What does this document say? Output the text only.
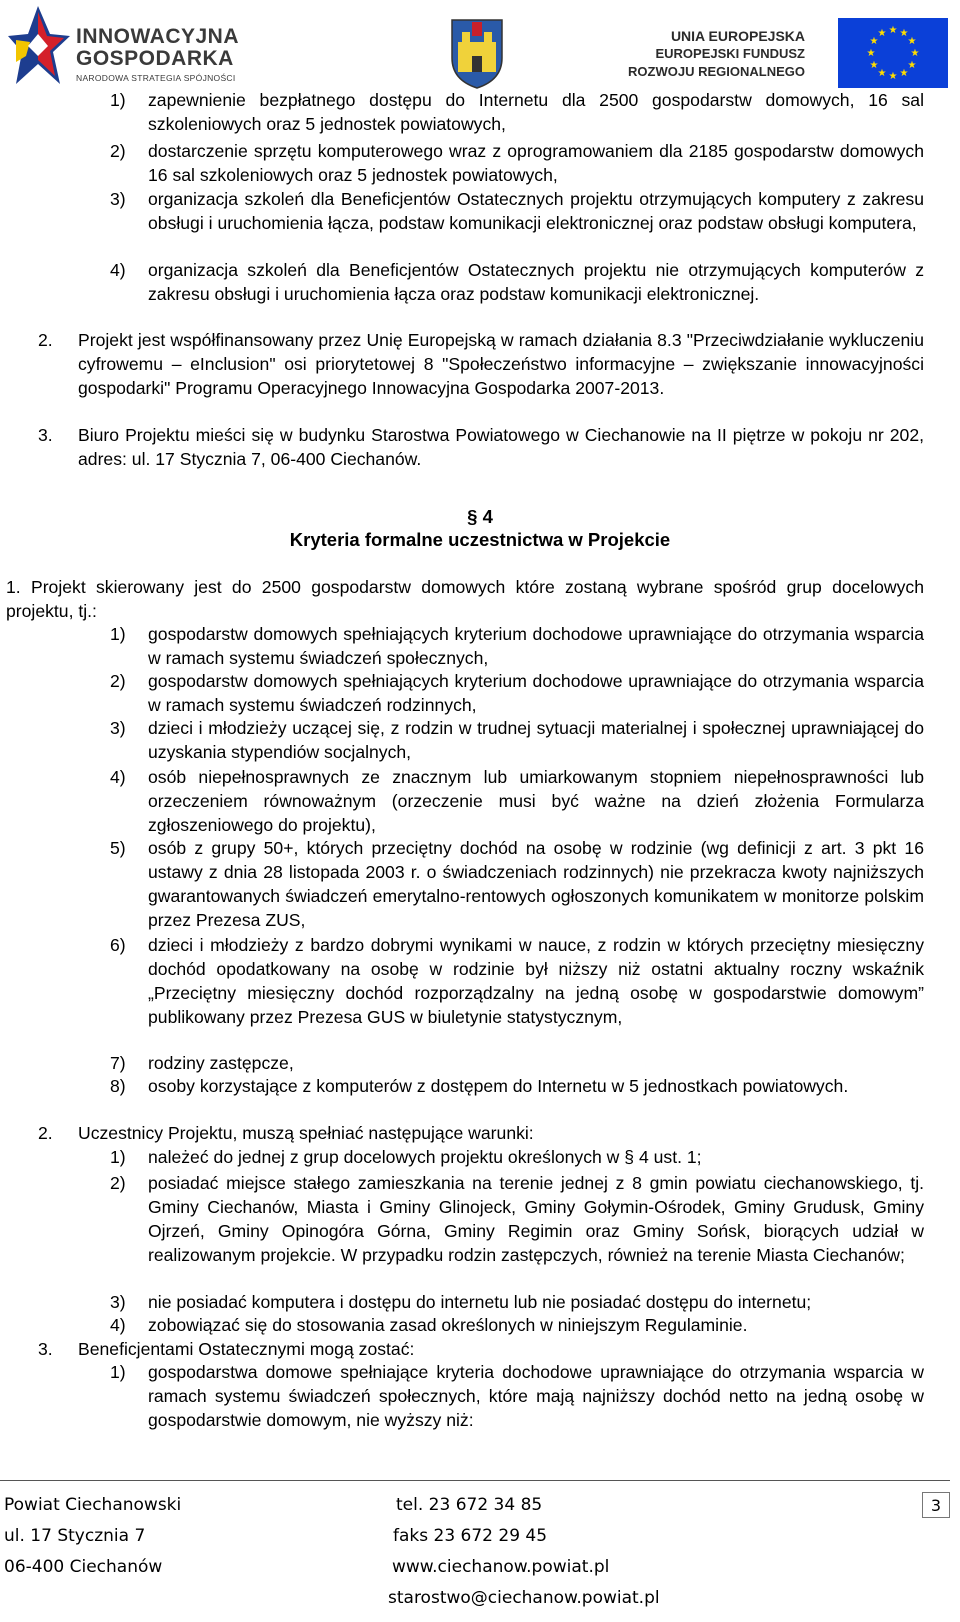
INNOWACYJNA
GOSPODARKA
NARODOWA STRATEGIA SPÓJNOŚCI
UNIA EUROPEJSKA
EUROPEJSKI FUNDUSZ
ROZWOJU REGIONALNEGO
★ ★
★
★
★
★
★
★
★
★
★
★
1) zapewnienie bezpłatnego dostępu do Internetu dla 2500 gospodarstw domowych, 16 sal szkoleniowych oraz 5 jednostek powiatowych,
2) dostarczenie sprzętu komputerowego wraz z oprogramowaniem dla 2185 gospodarstw domowych 16 sal szkoleniowych oraz 5 jednostek powiatowych,
3) organizacja szkoleń dla Beneficjentów Ostatecznych projektu otrzymujących komputery z zakresu obsługi i uruchomienia łącza, podstaw komunikacji elektronicznej oraz podstaw obsługi komputera,
4) organizacja szkoleń dla Beneficjentów Ostatecznych projektu nie otrzymujących komputerów z zakresu obsługi i uruchomienia łącza oraz podstaw komunikacji elektronicznej.
2. Projekt jest współfinansowany przez Unię Europejską w ramach działania 8.3 "Przeciwdziałanie wykluczeniu cyfrowemu – eInclusion" osi priorytetowej 8 "Społeczeństwo informacyjne – zwiększanie innowacyjności gospodarki" Programu Operacyjnego Innowacyjna Gospodarka 2007-2013.
3. Biuro Projektu mieści się w budynku Starostwa Powiatowego w Ciechanowie na II piętrze w pokoju nr 202, adres: ul. 17 Stycznia 7, 06-400 Ciechanów.
§ 4
Kryteria formalne uczestnictwa w Projekcie
1. Projekt skierowany jest do 2500 gospodarstw domowych które zostaną wybrane spośród grup docelowych projektu, tj.:
1) gospodarstw domowych spełniających kryterium dochodowe uprawniające do otrzymania wsparcia w ramach systemu świadczeń społecznych,
2) gospodarstw domowych spełniających kryterium dochodowe uprawniające do otrzymania wsparcia w ramach systemu świadczeń rodzinnych,
3) dzieci i młodzieży uczącej się, z rodzin w trudnej sytuacji materialnej i społecznej uprawniającej do uzyskania stypendiów socjalnych,
4) osób niepełnosprawnych ze znacznym lub umiarkowanym stopniem niepełnosprawności lub orzeczeniem równoważnym (orzeczenie musi być ważne na dzień złożenia Formularza zgłoszeniowego do projektu),
5) osób z grupy 50+, których przeciętny dochód na osobę w rodzinie (wg definicji z art. 3 pkt 16 ustawy z dnia 28 listopada 2003 r. o świadczeniach rodzinnych) nie przekracza kwoty najniższych gwarantowanych świadczeń emerytalno-rentowych ogłoszonych komunikatem w monitorze polskim przez Prezesa ZUS,
6) dzieci i młodzieży z bardzo dobrymi wynikami w nauce, z rodzin w których przeciętny miesięczny dochód opodatkowany na osobę w rodzinie był niższy niż ostatni aktualny roczny wskaźnik „Przeciętny miesięczny dochód rozporządzalny na jedną osobę w gospodarstwie domowym” publikowany przez Prezesa GUS w biuletynie statystycznym,
7) rodziny zastępcze,
8) osoby korzystające z komputerów z dostępem do Internetu w 5 jednostkach powiatowych.
2. Uczestnicy Projektu, muszą spełniać następujące warunki:
1) należeć do jednej z grup docelowych projektu określonych w § 4 ust. 1;
2) posiadać miejsce stałego zamieszkania na terenie jednej z 8 gmin powiatu ciechanowskiego, tj. Gminy Ciechanów, Miasta i Gminy Glinojeck, Gminy Gołymin-Ośrodek, Gminy Grudusk, Gminy Ojrzeń, Gminy Opinogóra Górna, Gminy Regimin oraz Gminy Sońsk, biorących udział w realizowanym projekcie. W przypadku rodzin zastępczych, również na terenie Miasta Ciechanów;
3) nie posiadać komputera i dostępu do internetu lub nie posiadać dostępu do internetu;
4) zobowiązać się do stosowania zasad określonych w niniejszym Regulaminie.
3. Beneficjentami Ostatecznymi mogą zostać:
1) gospodarstwa domowe spełniające kryteria dochodowe uprawniające do otrzymania wsparcia w ramach systemu świadczeń społecznych, które mają najniższy dochód netto na jedną osobę w gospodarstwie domowym, nie wyższy niż:
Powiat Ciechanowski
ul. 17 Stycznia 7
06-400 Ciechanów
tel. 23 672 34 85
faks 23 672 29 45
www.ciechanow.powiat.pl
starostwo@ciechanow.powiat.pl
3
